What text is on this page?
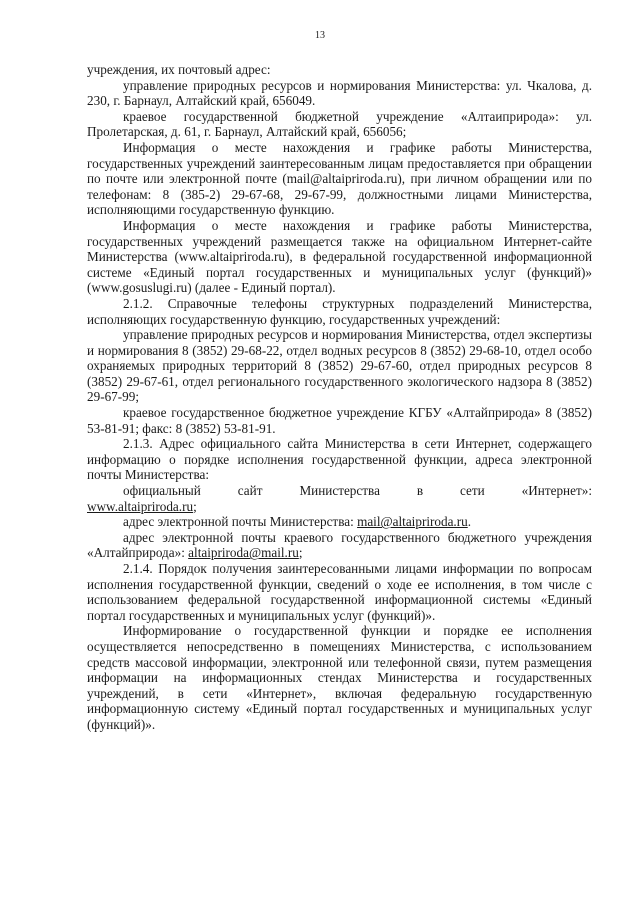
13

учреждения, их почтовый адрес:

управление природных ресурсов и нормирования Министерства: ул. Чкалова, д. 230, г. Барнаул, Алтайский край, 656049.

краевое государственной бюджетной учреждение «Алтаиприрода»: ул. Пролетарская, д. 61, г. Барнаул, Алтайский край, 656056;

Информация о месте нахождения и графике работы Министерства, государственных учреждений заинтересованным лицам предоставляется при обращении по почте или электронной почте (mail@altaipriroda.ru), при личном обращении или по телефонам: 8 (385-2) 29-67-68, 29-67-99, должностными лицами Министерства, исполняющими государственную функцию.

Информация о месте нахождения и графике работы Министерства, государственных учреждений размещается также на официальном Интернет-сайте Министерства (www.altaipriroda.ru), в федеральной государственной информационной системе «Единый портал государственных и муниципальных услуг (функций)» (www.gosuslugi.ru) (далее - Единый портал).

2.1.2. Справочные телефоны структурных подразделений Министерства, исполняющих государственную функцию, государственных учреждений:

управление природных ресурсов и нормирования Министерства, отдел экспертизы и нормирования 8 (3852) 29-68-22, отдел водных ресурсов 8 (3852) 29-68-10, отдел особо охраняемых природных территорий 8 (3852) 29-67-60, отдел природных ресурсов 8 (3852) 29-67-61, отдел регионального государственного экологического надзора 8 (3852) 29-67-99;

краевое государственное бюджетное учреждение КГБУ «Алтайприрода» 8 (3852) 53-81-91; факс: 8 (3852) 53-81-91.

2.1.3. Адрес официального сайта Министерства в сети Интернет, содержащего информацию о порядке исполнения государственной функции, адреса электронной почты Министерства:

официальный	сайт	Министерства	в	сети	«Интернет»:

www.altaipriroda.ru;

адрес электронной почты Министерства: mail@altaipriroda.ru.

адрес электронной почты краевого государственного бюджетного учреждения «Алтайприрода»: altaipriroda@mail.ru;

2.1.4. Порядок получения заинтересованными лицами информации по вопросам исполнения государственной функции, сведений о ходе ее исполнения, в том числе с использованием федеральной государственной информационной системы «Единый портал государственных и муниципальных услуг (функций)».

Информирование о государственной функции и порядке ее исполнения осуществляется непосредственно в помещениях Министерства, с использованием средств массовой информации, электронной или телефонной связи, путем размещения информации на информационных стендах Министерства и государственных учреждений, в сети «Интернет», включая федеральную государственную информационную систему «Единый портал государственных и муниципальных услуг (функций)».
